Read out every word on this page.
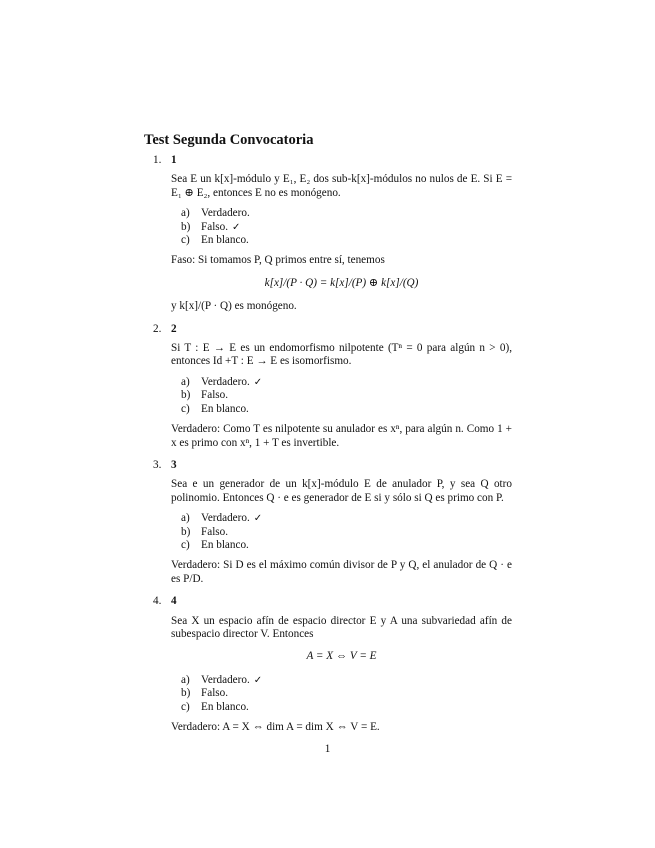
Test Segunda Convocatoria
1. 1
Sea E un k[x]-módulo y E₁, E₂ dos sub-k[x]-módulos no nulos de E. Si E = E₁ ⊕ E₂, entonces E no es monógeno.
a) Verdadero.
b) Falso. ✓
c) En blanco.
Faso: Si tomamos P, Q primos entre sí, tenemos
k[x]/(P · Q) = k[x]/(P) ⊕ k[x]/(Q)
y k[x]/(P · Q) es monógeno.
2. 2
Si T : E → E es un endomorfismo nilpotente (Tⁿ = 0 para algún n > 0), entonces Id +T : E → E es isomorfismo.
a) Verdadero. ✓
b) Falso.
c) En blanco.
Verdadero: Como T es nilpotente su anulador es xⁿ, para algún n. Como 1 + x es primo con xⁿ, 1 + T es invertible.
3. 3
Sea e un generador de un k[x]-módulo E de anulador P, y sea Q otro polinomio. Entonces Q · e es generador de E si y sólo si Q es primo con P.
a) Verdadero. ✓
b) Falso.
c) En blanco.
Verdadero: Si D es el máximo común divisor de P y Q, el anulador de Q · e es P/D.
4. 4
Sea X un espacio afín de espacio director E y A una subvariedad afín de subespacio director V. Entonces
A = X ⇔ V = E
a) Verdadero. ✓
b) Falso.
c) En blanco.
Verdadero: A = X ⇔ dim A = dim X ⇔ V = E.
1
